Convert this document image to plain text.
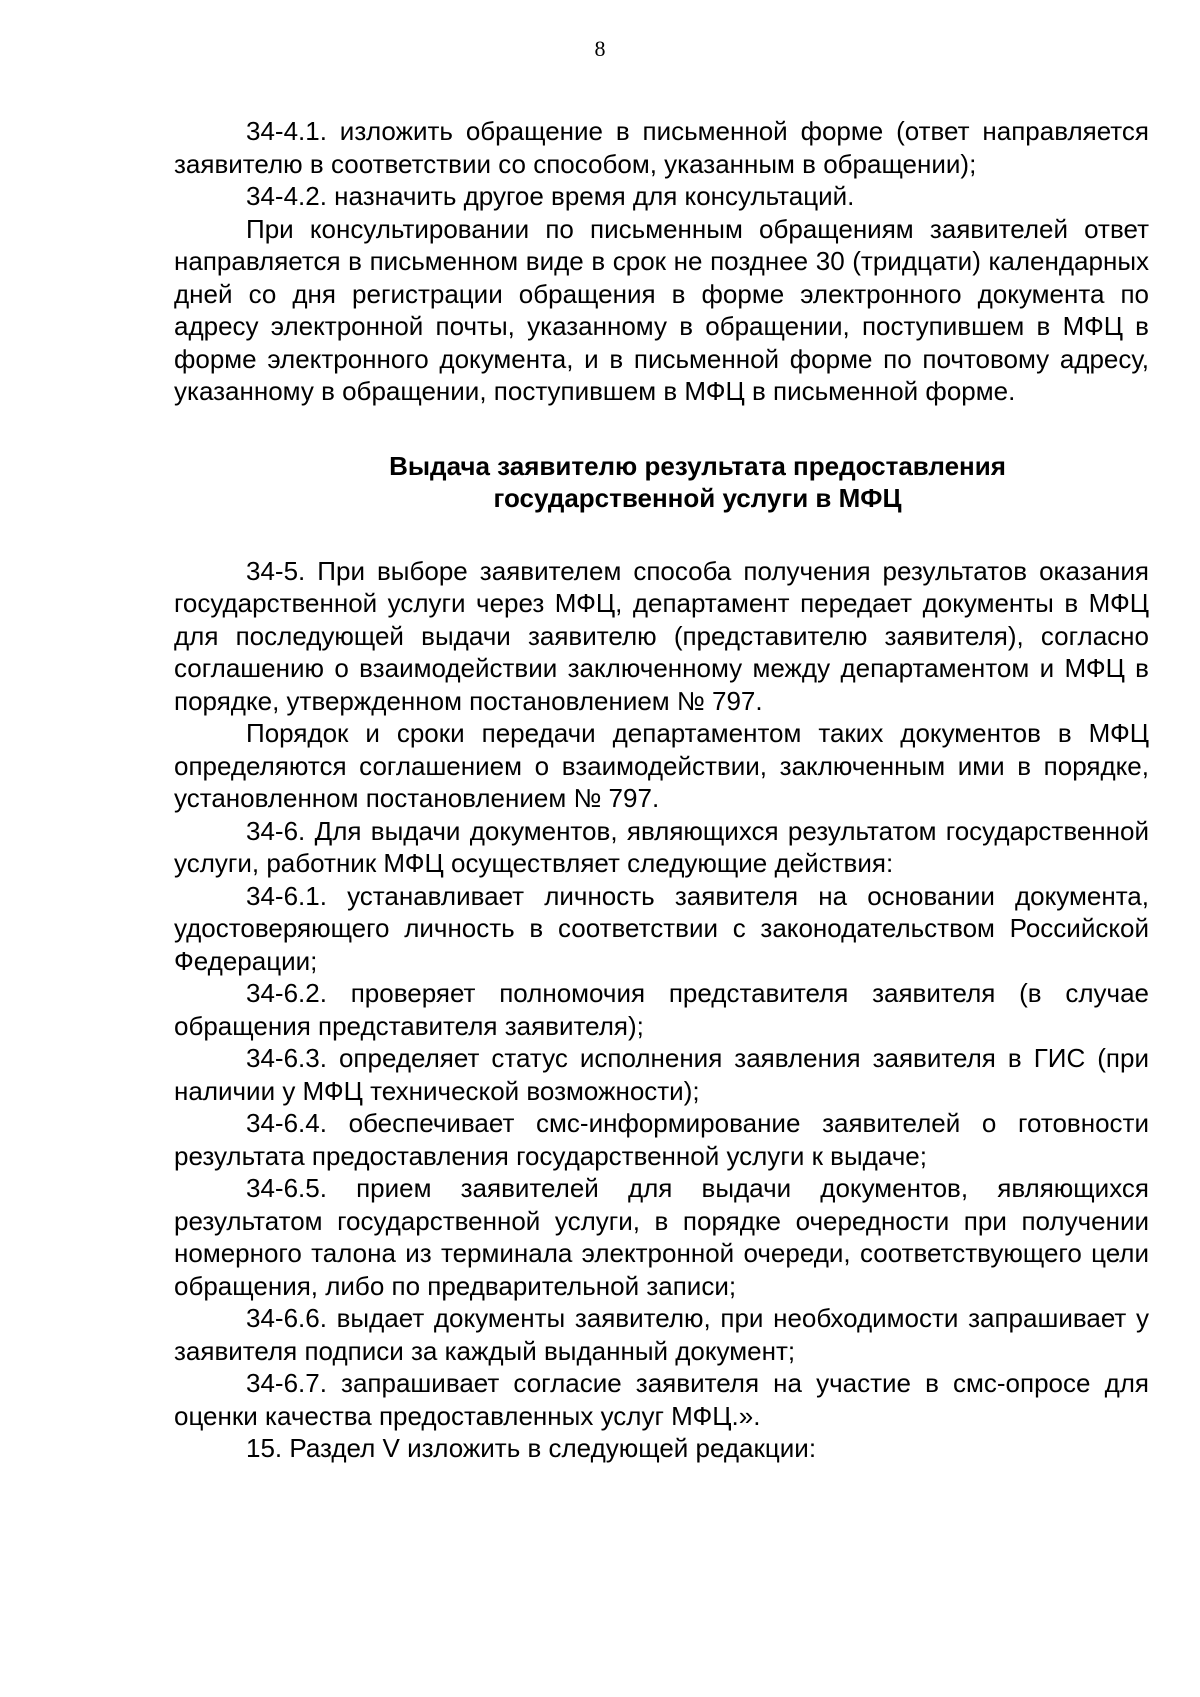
8

34-4.1. изложить обращение в письменной форме (ответ направляется заявителю в соответствии со способом, указанным в обращении);

34-4.2. назначить другое время для консультаций.

При консультировании по письменным обращениям заявителей ответ направляется в письменном виде в срок не позднее 30 (тридцати) календарных дней со дня регистрации обращения в форме электронного документа по адресу электронной почты, указанному в обращении, поступившем в МФЦ в форме электронного документа, и в письменной форме по почтовому адресу, указанному в обращении, поступившем в МФЦ в письменной форме.

Выдача заявителю результата предоставления
государственной услуги в МФЦ

34-5. При выборе заявителем способа получения результатов оказания государственной услуги через МФЦ, департамент передает документы в МФЦ для последующей выдачи заявителю (представителю заявителя), согласно соглашению о взаимодействии заключенному между департаментом и МФЦ в порядке, утвержденном постановлением № 797.

Порядок и сроки передачи департаментом таких документов в МФЦ определяются соглашением о взаимодействии, заключенным ими в порядке, установленном постановлением № 797.

34-6. Для выдачи документов, являющихся результатом государственной услуги, работник МФЦ осуществляет следующие действия:

34-6.1. устанавливает личность заявителя на основании документа, удостоверяющего личность в соответствии с законодательством Российской Федерации;

34-6.2. проверяет полномочия представителя заявителя (в случае обращения представителя заявителя);

34-6.3. определяет статус исполнения заявления заявителя в ГИС (при наличии у МФЦ технической возможности);

34-6.4. обеспечивает смс-информирование заявителей о готовности результата предоставления государственной услуги к выдаче;

34-6.5. прием заявителей для выдачи документов, являющихся результатом государственной услуги, в порядке очередности при получении номерного талона из терминала электронной очереди, соответствующего цели обращения, либо по предварительной записи;

34-6.6. выдает документы заявителю, при необходимости запрашивает у заявителя подписи за каждый выданный документ;

34-6.7. запрашивает согласие заявителя на участие в смс-опросе для оценки качества предоставленных услуг МФЦ.».

15. Раздел V изложить в следующей редакции:
